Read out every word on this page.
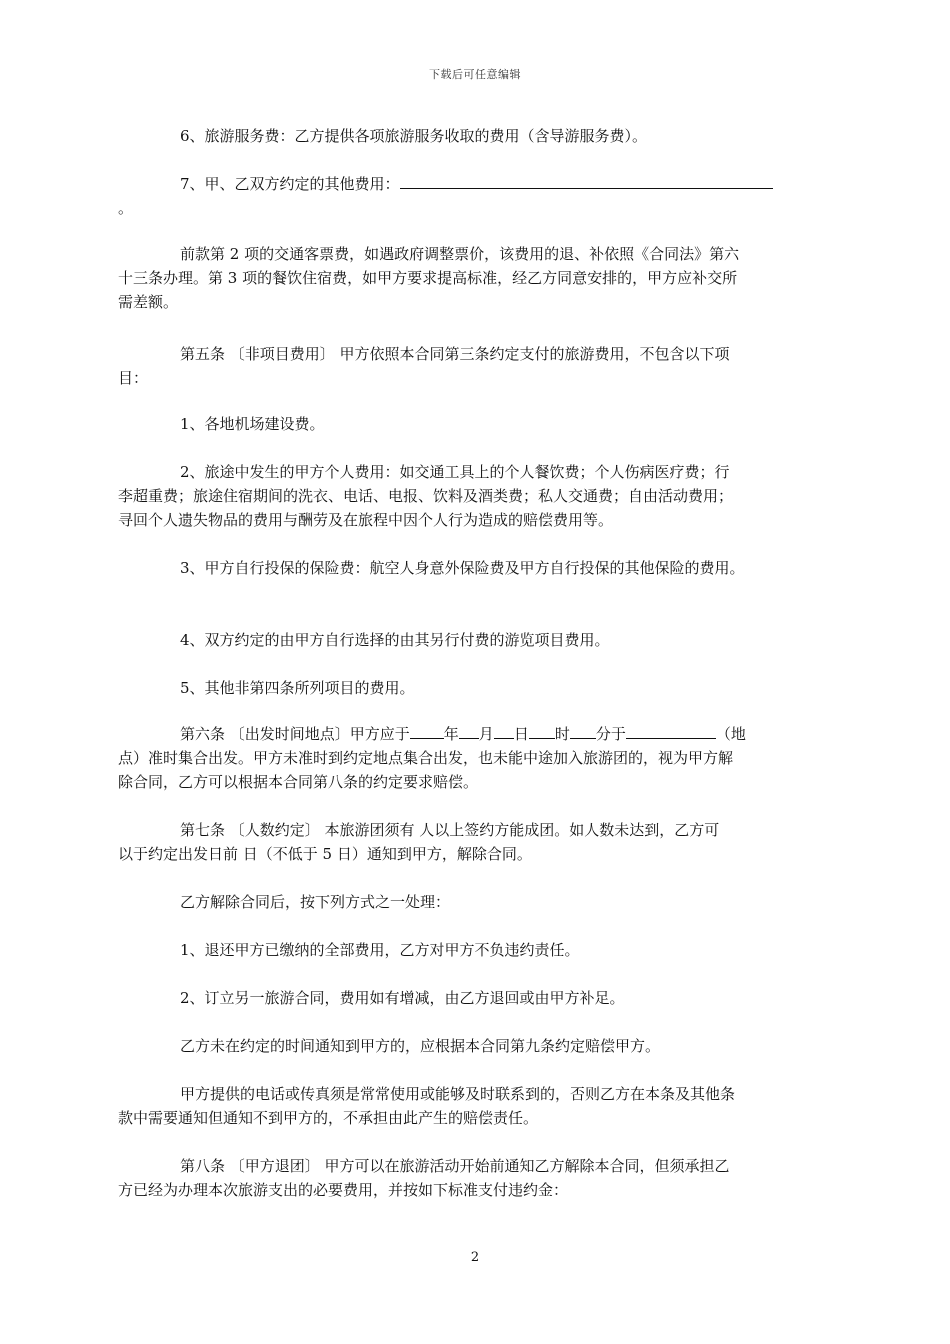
下载后可任意编辑

6、旅游服务费：乙方提供各项旅游服务收取的费用（含导游服务费）。

7、甲、乙双方约定的其他费用：
。

前款第 2 项的交通客票费，如遇政府调整票价，该费用的退、补依照《合同法》第六
十三条办理。第 3 项的餐饮住宿费，如甲方要求提高标准，经乙方同意安排的，甲方应补交所
需差额。

第五条 〔非项目费用〕 甲方依照本合同第三条约定支付的旅游费用，不包含以下项
目：

1、各地机场建设费。

2、旅途中发生的甲方个人费用：如交通工具上的个人餐饮费；个人伤病医疗费；行
李超重费；旅途住宿期间的洗衣、电话、电报、饮料及酒类费；私人交通费；自由活动费用；
寻回个人遗失物品的费用与酬劳及在旅程中因个人行为造成的赔偿费用等。

3、甲方自行投保的保险费：航空人身意外保险费及甲方自行投保的其他保险的费用。

4、双方约定的由甲方自行选择的由其另行付费的游览项目费用。

5、其他非第四条所列项目的费用。

第六条 〔出发时间地点〕甲方应于 年 月 日 时 分于	（地
点）准时集合出发。甲方未准时到约定地点集合出发，也未能中途加入旅游团的，视为甲方解
除合同，乙方可以根据本合同第八条的约定要求赔偿。

第七条 〔人数约定〕 本旅游团须有 人以上签约方能成团。如人数未达到，乙方可
以于约定出发日前 日（不低于 5 日）通知到甲方，解除合同。

乙方解除合同后，按下列方式之一处理：

1、退还甲方已缴纳的全部费用，乙方对甲方不负违约责任。

2、订立另一旅游合同，费用如有增减，由乙方退回或由甲方补足。

乙方未在约定的时间通知到甲方的，应根据本合同第九条约定赔偿甲方。

甲方提供的电话或传真须是常常使用或能够及时联系到的，否则乙方在本条及其他条
款中需要通知但通知不到甲方的，不承担由此产生的赔偿责任。

第八条 〔甲方退团〕 甲方可以在旅游活动开始前通知乙方解除本合同，但须承担乙
方已经为办理本次旅游支出的必要费用，并按如下标准支付违约金：

2
